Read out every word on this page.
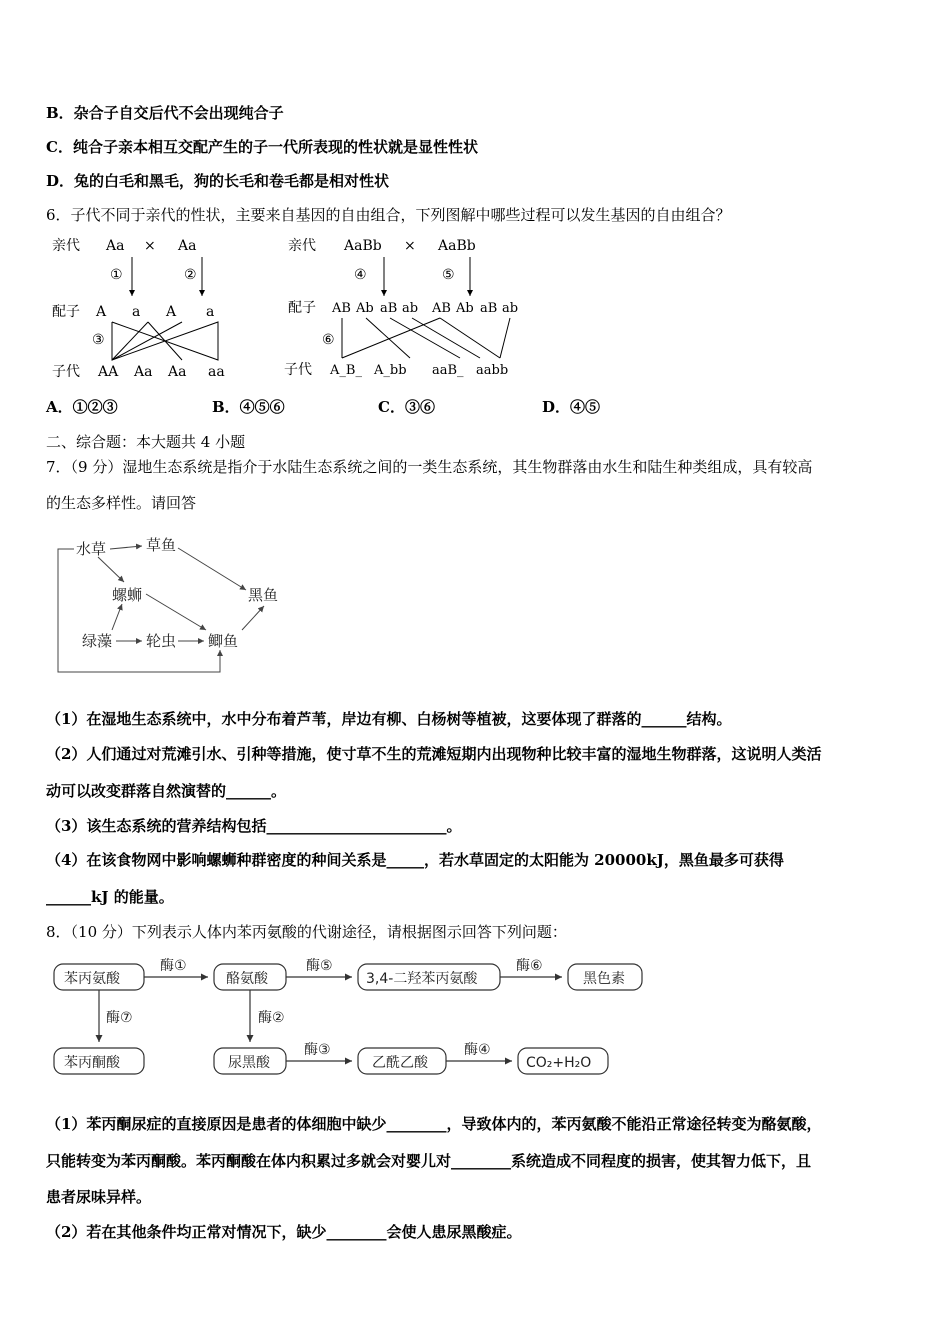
B．杂合子自交后代不会出现纯合子
C．纯合子亲本相互交配产生的子一代所表现的性状就是显性性状
D．兔的白毛和黑毛，狗的长毛和卷毛都是相对性状
6．子代不同于亲代的性状，主要来自基因的自由组合，下列图解中哪些过程可以发生基因的自由组合？
亲代 Aa × Aa
①	②
配子 A a A a
③
子代 AA Aa Aa aa
亲代 AaBb × AaBb
④	⑤
配子 AB Ab aB ab AB Ab aB ab
⑥
子代 A_B_ A_bb aaB_ aabb
A．①②③	B．④⑤⑥	C．③⑥	D．④⑤
二、综合题：本大题共 4 小题
7．（9 分）湿地生态系统是指介于水陆生态系统之间的一类生态系统，其生物群落由水生和陆生种类组成，具有较高
的生态多样性。请回答
水草	草鱼
黑鱼
螺蛳
绿藻 轮虫 鲫鱼
（1）在湿地生态系统中，水中分布着芦苇，岸边有柳、白杨树等植被，这要体现了群落的______结构。
（2）人们通过对荒滩引水、引种等措施，使寸草不生的荒滩短期内出现物种比较丰富的湿地生物群落，这说明人类活
动可以改变群落自然演替的______。
（3）该生态系统的营养结构包括________________________。
（4）在该食物网中影响螺蛳种群密度的种间关系是_____，若水草固定的太阳能为 20000kJ，黑鱼最多可获得
______kJ 的能量。
8．（10 分）下列表示人体内苯丙氨酸的代谢途径，请根据图示回答下列问题：
苯丙氨酸	酪氨酸	3,4-二羟苯丙氨酸	黑色素
苯丙酮酸	尿黑酸	乙酰乙酸	CO₂+H₂O
酶①	酶⑤	酶⑥
酶⑦	酶②
酶③	酶④
（1）苯丙酮尿症的直接原因是患者的体细胞中缺少________，导致体内的，苯丙氨酸不能沿正常途径转变为酪氨酸，
只能转变为苯丙酮酸。苯丙酮酸在体内积累过多就会对婴儿对________系统造成不同程度的损害，使其智力低下，且
患者尿味异样。
（2）若在其他条件均正常对情况下，缺少________会使人患尿黑酸症。
